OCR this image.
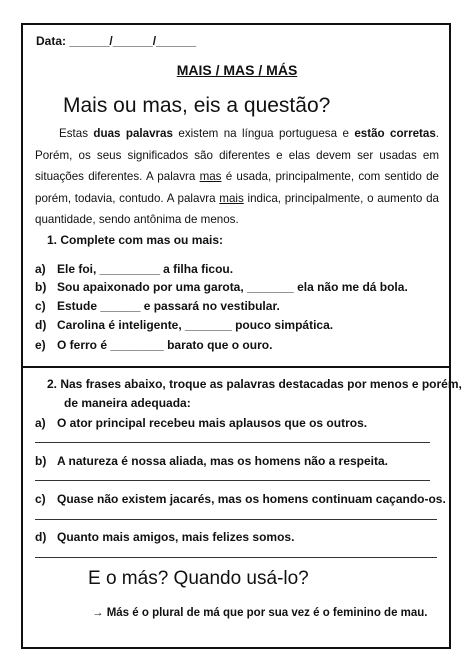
Data: ______/______/______
MAIS / MAS / MÁS
Mais ou mas, eis a questão?

Estas duas palavras existem na língua portuguesa e estão corretas. Porém, os seus significados são diferentes e elas devem ser usadas em situações diferentes. A palavra mas é usada, principalmente, com sentido de porém, todavia, contudo. A palavra mais indica, principalmente, o aumento da quantidade, sendo antônima de menos.

1. Complete com mas ou mais:
a) Ele foi, _________ a filha ficou.
b) Sou apaixonado por uma garota, _______ ela não me dá bola.
c) Estude ______ e passará no vestibular.
d) Carolina é inteligente, _______ pouco simpática.
e) O ferro é ________ barato que o ouro.
2. Nas frases abaixo, troque as palavras destacadas por menos e porém,
de maneira adequada:
a) O ator principal recebeu mais aplausos que os outros.
b) A natureza é nossa aliada, mas os homens não a respeita.
c) Quase não existem jacarés, mas os homens continuam caçando-os.
d) Quanto mais amigos, mais felizes somos.
E o más? Quando usá-lo?
→ Más é o plural de má que por sua vez é o feminino de mau.
